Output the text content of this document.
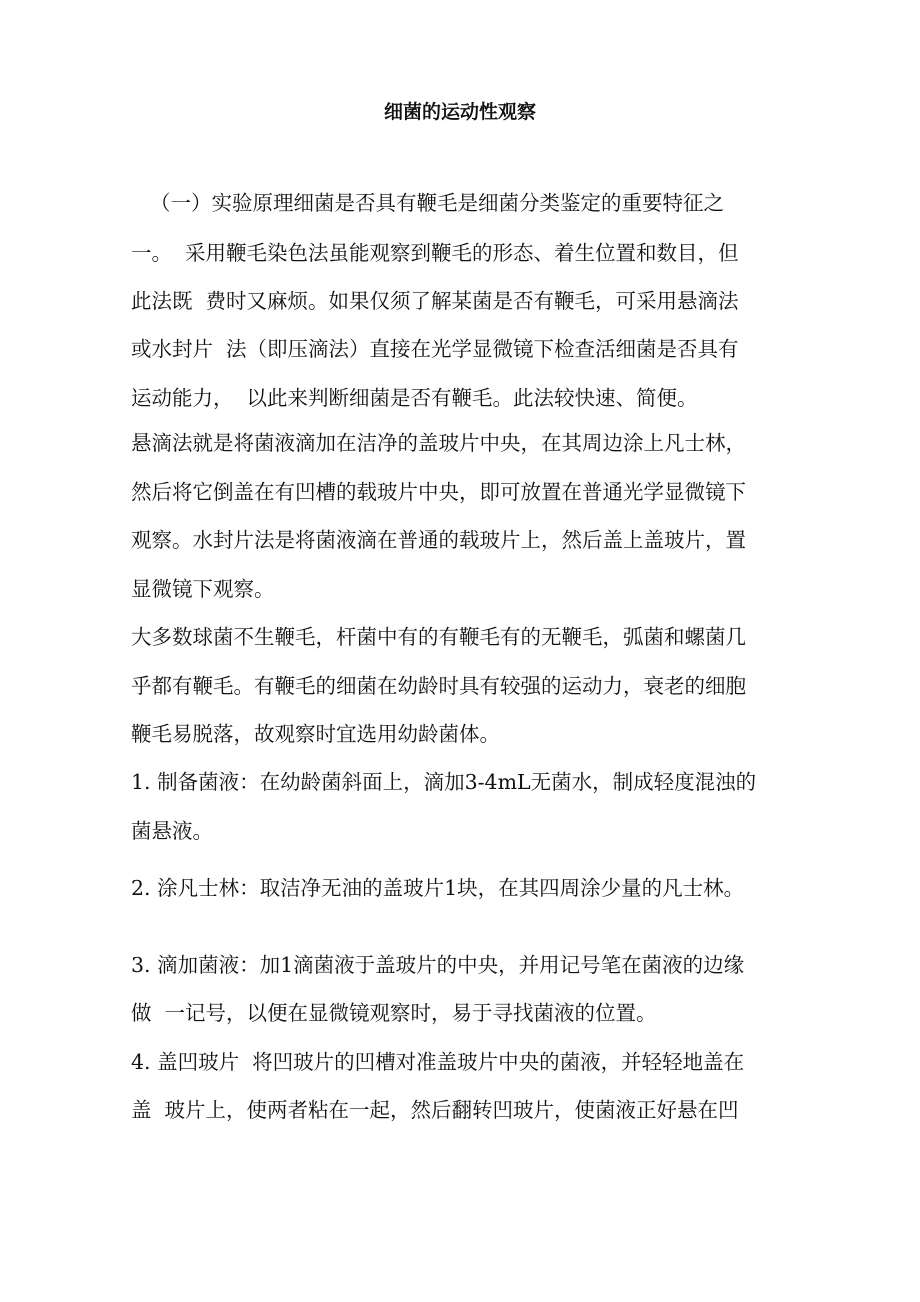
细菌的运动性观察
（一）实验原理细菌是否具有鞭毛是细菌分类鉴定的重要特征之
一。  采用鞭毛染色法虽能观察到鞭毛的形态、着生位置和数目，但
此法既  费时又麻烦。如果仅须了解某菌是否有鞭毛，可采用悬滴法
或水封片  法（即压滴法）直接在光学显微镜下检查活细菌是否具有
运动能力，  以此来判断细菌是否有鞭毛。此法较快速、简便。
悬滴法就是将菌液滴加在洁净的盖玻片中央，在其周边涂上凡士林，
然后将它倒盖在有凹槽的载玻片中央，即可放置在普通光学显微镜下
观察。水封片法是将菌液滴在普通的载玻片上，然后盖上盖玻片，置
显微镜下观察。
大多数球菌不生鞭毛，杆菌中有的有鞭毛有的无鞭毛，弧菌和螺菌几
乎都有鞭毛。有鞭毛的细菌在幼龄时具有较强的运动力，衰老的细胞
鞭毛易脱落，故观察时宜选用幼龄菌体。
1. 制备菌液：在幼龄菌斜面上，滴加3-4mL无菌水，制成轻度混浊的
菌悬液。
2. 涂凡士林：取洁净无油的盖玻片1块，在其四周涂少量的凡士林。
3. 滴加菌液：加1滴菌液于盖玻片的中央，并用记号笔在菌液的边缘
做  一记号，以便在显微镜观察时，易于寻找菌液的位置。
4. 盖凹玻片  将凹玻片的凹槽对准盖玻片中央的菌液，并轻轻地盖在
盖  玻片上，使两者粘在一起，然后翻转凹玻片，使菌液正好悬在凹
